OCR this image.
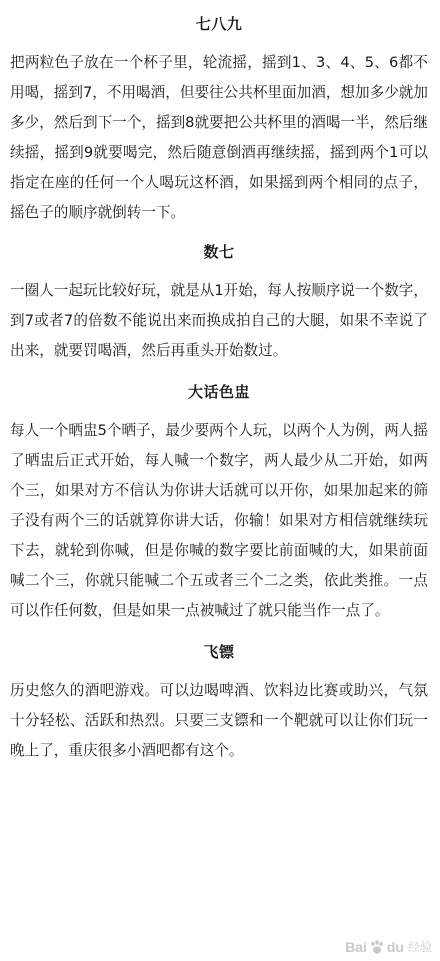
七八九
把两粒色子放在一个杯子里，轮流摇，摇到1、3、4、5、6都不用喝，摇到7，不用喝酒，但要往公共杯里面加酒，想加多少就加多少，然后到下一个，摇到8就要把公共杯里的酒喝一半，然后继续摇，摇到9就要喝完，然后随意倒酒再继续摇，摇到两个1可以指定在座的任何一个人喝玩这杯酒，如果摇到两个相同的点子，摇色子的顺序就倒转一下。
数七
一圈人一起玩比较好玩，就是从1开始，每人按顺序说一个数字，到7或者7的倍数不能说出来而换成拍自己的大腿，如果不幸说了出来，就要罚喝酒，然后再重头开始数过。
大话色盅
每人一个晒盅5个晒子，最少要两个人玩，以两个人为例，两人摇了晒盅后正式开始，每人喊一个数字，两人最少从二开始，如两个三，如果对方不信认为你讲大话就可以开你，如果加起来的筛子没有两个三的话就算你讲大话，你输！如果对方相信就继续玩下去，就轮到你喊，但是你喊的数字要比前面喊的大，如果前面喊二个三，你就只能喊二个五或者三个二之类，依此类推。一点可以作任何数，但是如果一点被喊过了就只能当作一点了。
飞镖
历史悠久的酒吧游戏。可以边喝啤酒、饮料边比赛或助兴，气氛十分轻松、活跃和热烈。只要三支镖和一个靶就可以让你们玩一晚上了，重庆很多小酒吧都有这个。
Bai du 经验
